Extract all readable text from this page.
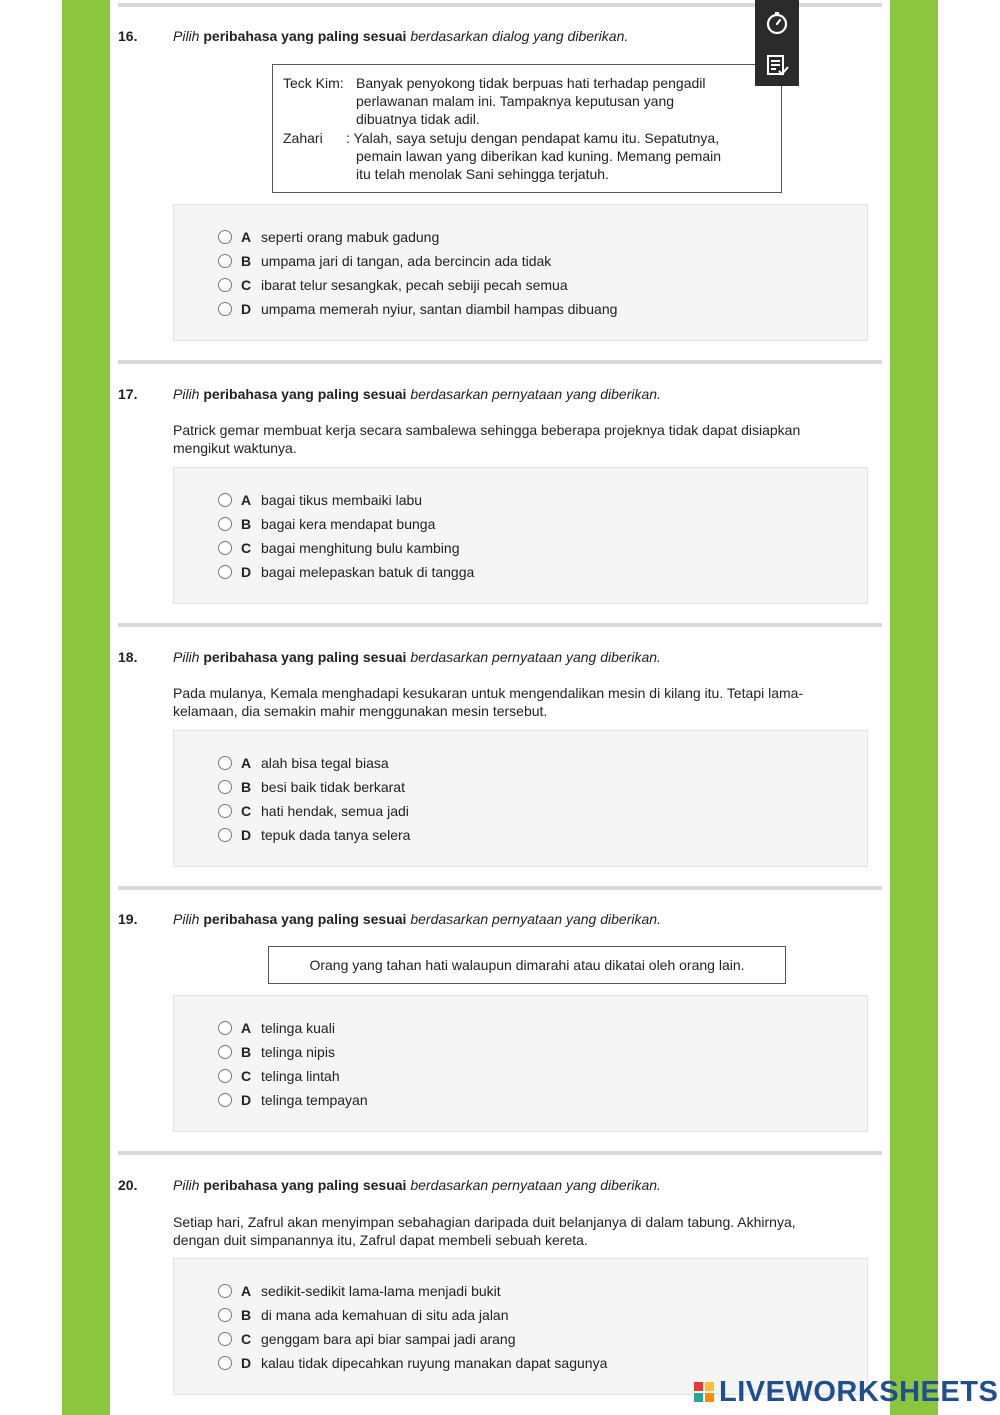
16.	Pilih peribahasa yang paling sesuai berdasarkan dialog yang diberikan.
Teck Kim: Banyak penyokong tidak berpuas hati terhadap pengadil
perlawanan malam ini. Tampaknya keputusan yang
dibuatnya tidak adil.
Zahari : Yalah, saya setuju dengan pendapat kamu itu. Sepatutnya,
pemain lawan yang diberikan kad kuning. Memang pemain
itu telah menolak Sani sehingga terjatuh.
A seperti orang mabuk gadung
B umpama jari di tangan, ada bercincin ada tidak
C ibarat telur sesangkak, pecah sebiji pecah semua
D umpama memerah nyiur, santan diambil hampas dibuang
17.	Pilih peribahasa yang paling sesuai berdasarkan pernyataan yang diberikan.
Patrick gemar membuat kerja secara sambalewa sehingga beberapa projeknya tidak dapat disiapkan
mengikut waktunya.
A bagai tikus membaiki labu
B bagai kera mendapat bunga
C bagai menghitung bulu kambing
D bagai melepaskan batuk di tangga
18.	Pilih peribahasa yang paling sesuai berdasarkan pernyataan yang diberikan.
Pada mulanya, Kemala menghadapi kesukaran untuk mengendalikan mesin di kilang itu. Tetapi lama-
kelamaan, dia semakin mahir menggunakan mesin tersebut.
A alah bisa tegal biasa
B besi baik tidak berkarat
C hati hendak, semua jadi
D tepuk dada tanya selera
19.	Pilih peribahasa yang paling sesuai berdasarkan pernyataan yang diberikan.
Orang yang tahan hati walaupun dimarahi atau dikatai oleh orang lain.
A telinga kuali
B telinga nipis
C telinga lintah
D telinga tempayan
20.	Pilih peribahasa yang paling sesuai berdasarkan pernyataan yang diberikan.
Setiap hari, Zafrul akan menyimpan sebahagian daripada duit belanjanya di dalam tabung. Akhirnya,
dengan duit simpanannya itu, Zafrul dapat membeli sebuah kereta.
A sedikit-sedikit lama-lama menjadi bukit
B di mana ada kemahuan di situ ada jalan
C genggam bara api biar sampai jadi arang
D kalau tidak dipecahkan ruyung manakan dapat sagunya
LIVEWORKSHEETS
